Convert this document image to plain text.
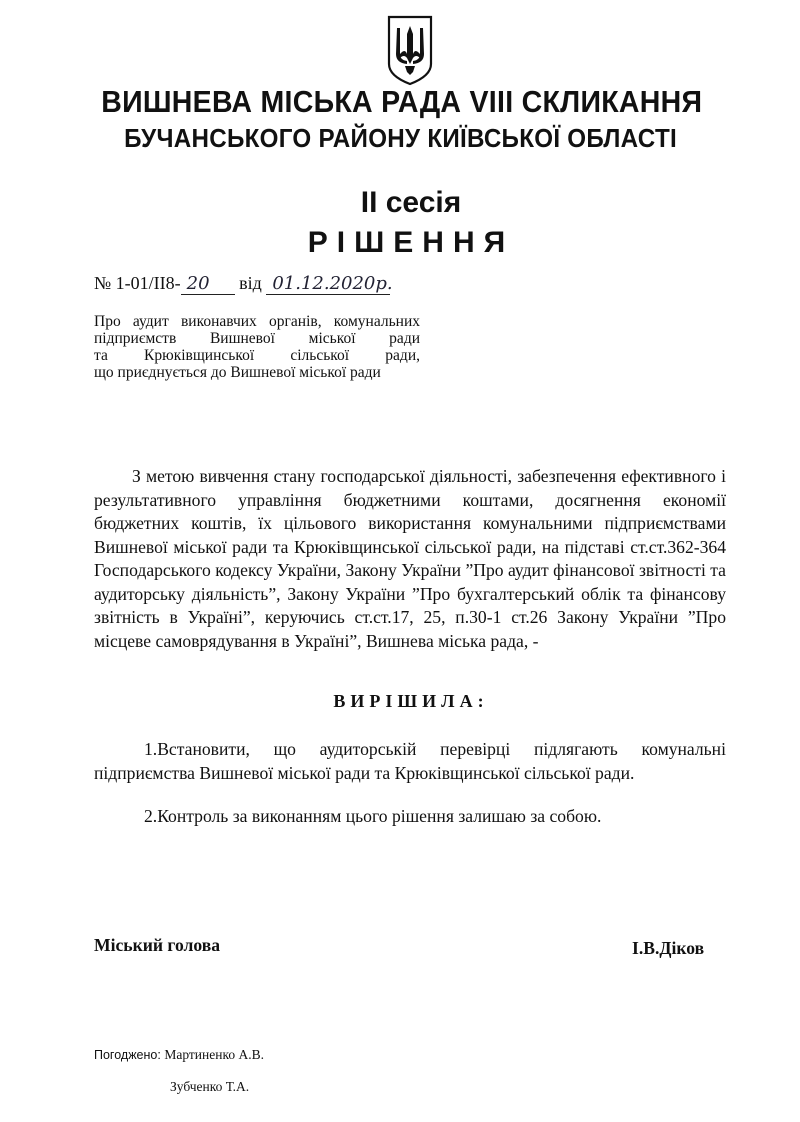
ВИШНЕВА МІСЬКА РАДА VIII СКЛИКАННЯ
БУЧАНСЬКОГО РАЙОНУ КИЇВСЬКОЇ ОБЛАСТІ
ІІ сесія
РІШЕННЯ
№ 1-01/ІІ8- 20 від 01.12.2020р.
Про аудит виконавчих органів, комунальних
підприємств Вишневої міської ради
та Крюківщинської сільської ради,
що приєднується до Вишневої міської ради
З метою вивчення стану господарської діяльності, забезпечення ефективного і результативного управління бюджетними коштами, досягнення економії бюджетних коштів, їх цільового використання комунальними підприємствами Вишневої міської ради та Крюківщинської сільської ради, на підставі ст.ст.362-364 Господарського кодексу України, Закону України ”Про аудит фінансової звітності та аудиторську діяльність”, Закону України ”Про бухгалтерський облік та фінансову звітність в Україні”, керуючись ст.ст.17, 25, п.30-1 ст.26 Закону України ”Про місцеве самоврядування в Україні”, Вишнева міська рада, -
ВИРІШИЛА:
1.Встановити, що аудиторській перевірці підлягають комунальні підприємства Вишневої міської ради та Крюківщинської сільської ради.
2.Контроль за виконанням цього рішення залишаю за собою.
Міський голова	І.В.Діков
Погоджено: Мартиненко А.В.
Зубченко Т.А.
